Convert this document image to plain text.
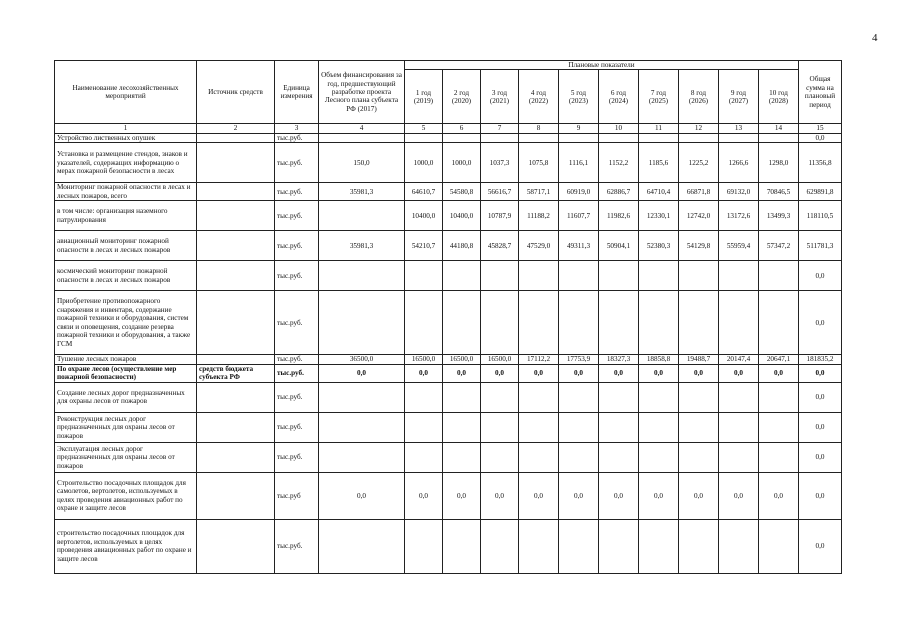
4
Наименование лесохозяйственных мероприятий	Источник средств	Единица измерения	Объем финансирования за год, предшествующий разработке проекта Лесного плана субъекта РФ (2017)	Плановые показатели										Общая сумма на плановый период
				1 год (2019)	2 год (2020)	3 год (2021)	4 год (2022)	5 год (2023)	6 год (2024)	7 год (2025)	8 год (2026)	9 год (2027)	10 год (2028)	
1	2	3	4	5	6	7	8	9	10	11	12	13	14	15
Устройство лиственных опушек		тыс.руб.												0,0
Установка и размещение стендов, знаков и указателей, содержащих информацию о мерах пожарной безопасности в лесах		тыс.руб.	150,0	1000,0	1000,0	1037,3	1075,8	1116,1	1152,2	1185,6	1225,2	1266,6	1298,0	11356,8
Мониторинг пожарной опасности в лесах и лесных пожаров, всего		тыс.руб.	35981,3	64610,7	54580,8	56616,7	58717,1	60919,0	62886,7	64710,4	66871,8	69132,0	70846,5	629891,8
в том числе: организация наземного патрулирования		тыс.руб.		10400,0	10400,0	10787,9	11188,2	11607,7	11982,6	12330,1	12742,0	13172,6	13499,3	118110,5
авиационный мониторинг пожарной опасности в лесах и лесных пожаров		тыс.руб.	35981,3	54210,7	44180,8	45828,7	47529,0	49311,3	50904,1	52380,3	54129,8	55959,4	57347,2	511781,3
космический мониторинг пожарной опасности в лесах и лесных пожаров		тыс.руб.												0,0
Приобретение противопожарного снаряжения и инвентаря, содержание пожарной техники и оборудования, систем связи и оповещения, создание резерва пожарной техники и оборудования, а также ГСМ		тыс.руб.												0,0
Тушение лесных пожаров		тыс.руб.	36500,0	16500,0	16500,0	16500,0	17112,2	17753,9	18327,3	18858,8	19488,7	20147,4	20647,1	181835,2
По охране лесов (осуществление мер пожарной безопасности)	средств бюджета субъекта РФ	тыс.руб.	0,0	0,0	0,0	0,0	0,0	0,0	0,0	0,0	0,0	0,0	0,0	0,0
Создание лесных дорог предназначенных для охраны лесов от пожаров		тыс.руб.												0,0
Реконструкция лесных дорог предназначенных для охраны лесов от пожаров		тыс.руб.												0,0
Эксплуатация лесных дорог предназначенных для охраны лесов от пожаров		тыс.руб.												0,0
Строительство посадочных площадок для самолетов, вертолетов, используемых в целях проведения авиационных работ по охране и защите лесов		тыс.руб	0,0	0,0	0,0	0,0	0,0	0,0	0,0	0,0	0,0	0,0	0,0	0,0
строительство посадочных площадок для вертолетов, используемых в целях проведения авиационных работ по охране и защите лесов		тыс.руб.												0,0
